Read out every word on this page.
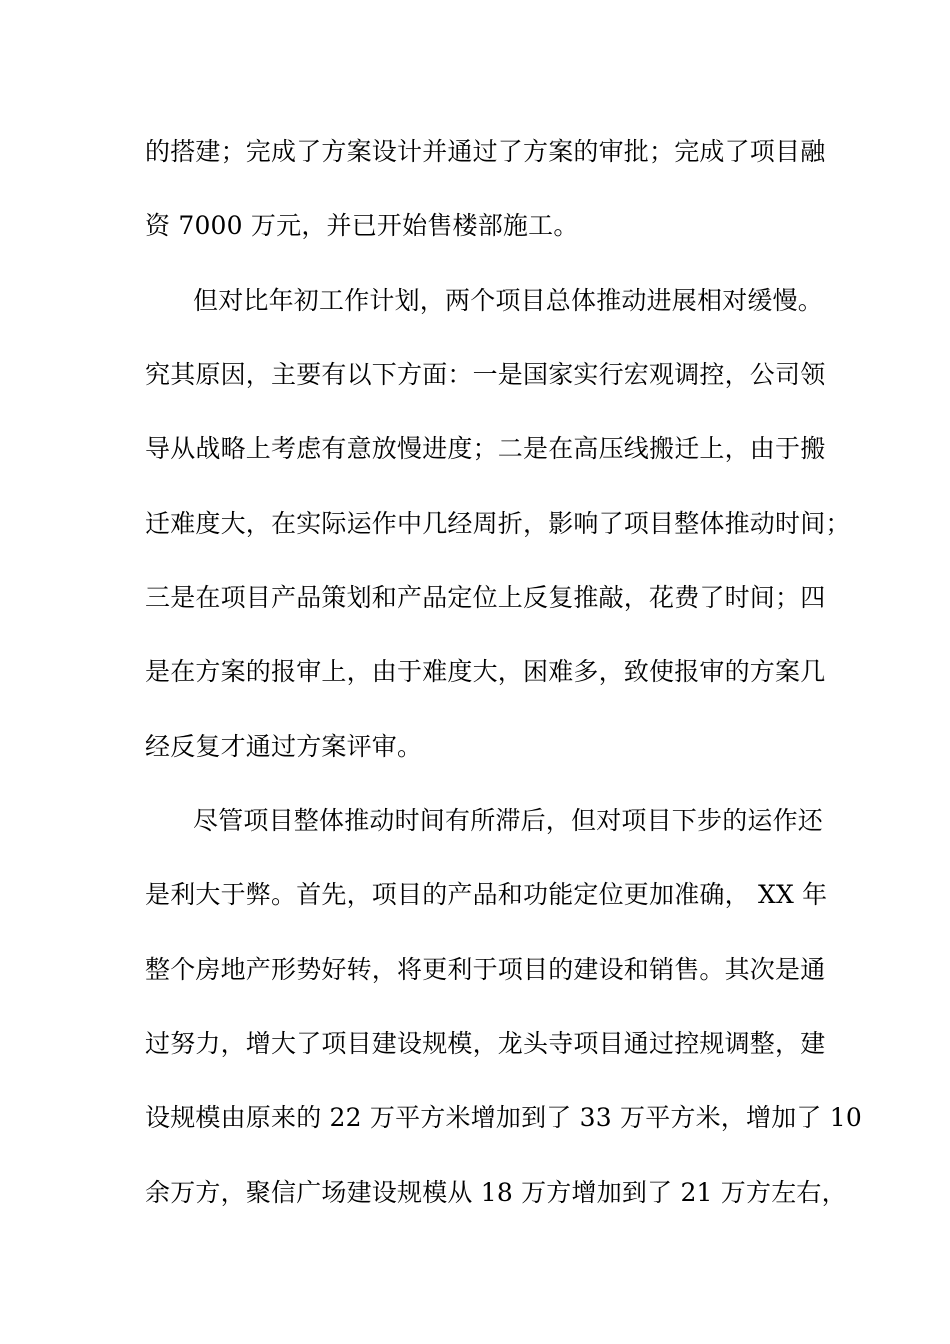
的搭建；完成了方案设计并通过了方案的审批；完成了项目融
资 7000 万元，并已开始售楼部施工。
但对比年初工作计划，两个项目总体推动进展相对缓慢。
究其原因，主要有以下方面：一是国家实行宏观调控，公司领
导从战略上考虑有意放慢进度；二是在高压线搬迁上，由于搬
迁难度大，在实际运作中几经周折，影响了项目整体推动时间；
三是在项目产品策划和产品定位上反复推敲，花费了时间；四
是在方案的报审上，由于难度大，困难多，致使报审的方案几
经反复才通过方案评审。
尽管项目整体推动时间有所滞后，但对项目下步的运作还
是利大于弊。首先，项目的产品和功能定位更加准确， XX 年
整个房地产形势好转，将更利于项目的建设和销售。其次是通
过努力，增大了项目建设规模，龙头寺项目通过控规调整，建
设规模由原来的 22 万平方米增加到了 33 万平方米，增加了 10
余万方，聚信广场建设规模从 18 万方增加到了 21 万方左右，
